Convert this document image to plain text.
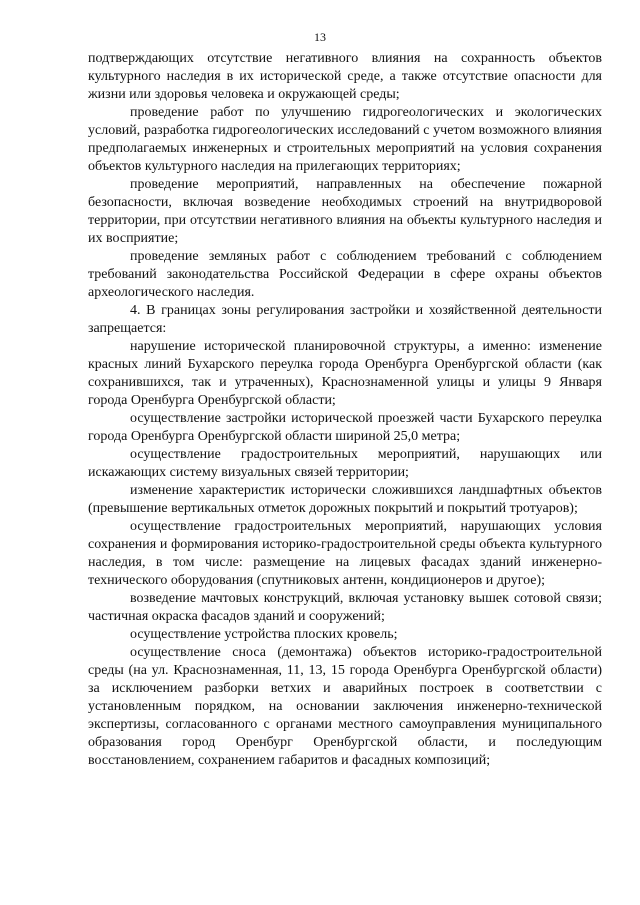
13

подтверждающих отсутствие негативного влияния на сохранность объектов культурного наследия в их исторической среде, а также отсутствие опасности для жизни или здоровья человека и окружающей среды;

проведение работ по улучшению гидрогеологических и экологических условий, разработка гидрогеологических исследований с учетом возможного влияния предполагаемых инженерных и строительных мероприятий на условия сохранения объектов культурного наследия на прилегающих территориях;

проведение мероприятий, направленных на обеспечение пожарной безопасности, включая возведение необходимых строений на внутридворовой территории, при отсутствии негативного влияния на объекты культурного наследия и их восприятие;

проведение земляных работ с соблюдением требований с соблюдением требований законодательства Российской Федерации в сфере охраны объектов археологического наследия.

4. В границах зоны регулирования застройки и хозяйственной деятельности запрещается:

нарушение исторической планировочной структуры, а именно: изменение красных линий Бухарского переулка города Оренбурга Оренбургской области (как сохранившихся, так и утраченных), Краснознаменной улицы и улицы 9 Января города Оренбурга Оренбургской области;

осуществление застройки исторической проезжей части Бухарского переулка города Оренбурга Оренбургской области шириной 25,0 метра;

осуществление градостроительных мероприятий, нарушающих или искажающих систему визуальных связей территории;

изменение характеристик исторически сложившихся ландшафтных объектов (превышение вертикальных отметок дорожных покрытий и покрытий тротуаров);

осуществление градостроительных мероприятий, нарушающих условия сохранения и формирования историко-градостроительной среды объекта культурного наследия, в том числе: размещение на лицевых фасадах зданий инженерно-технического оборудования (спутниковых антенн, кондиционеров и другое);

возведение мачтовых конструкций, включая установку вышек сотовой связи; частичная окраска фасадов зданий и сооружений;

осуществление устройства плоских кровель;

осуществление сноса (демонтажа) объектов историко-градостроительной среды (на ул. Краснознаменная, 11, 13, 15 города Оренбурга Оренбургской области) за исключением разборки ветхих и аварийных построек в соответствии с установленным порядком, на основании заключения инженерно-технической экспертизы, согласованного с органами местного самоуправления муниципального образования город Оренбург Оренбургской области, и последующим восстановлением, сохранением габаритов и фасадных композиций;
